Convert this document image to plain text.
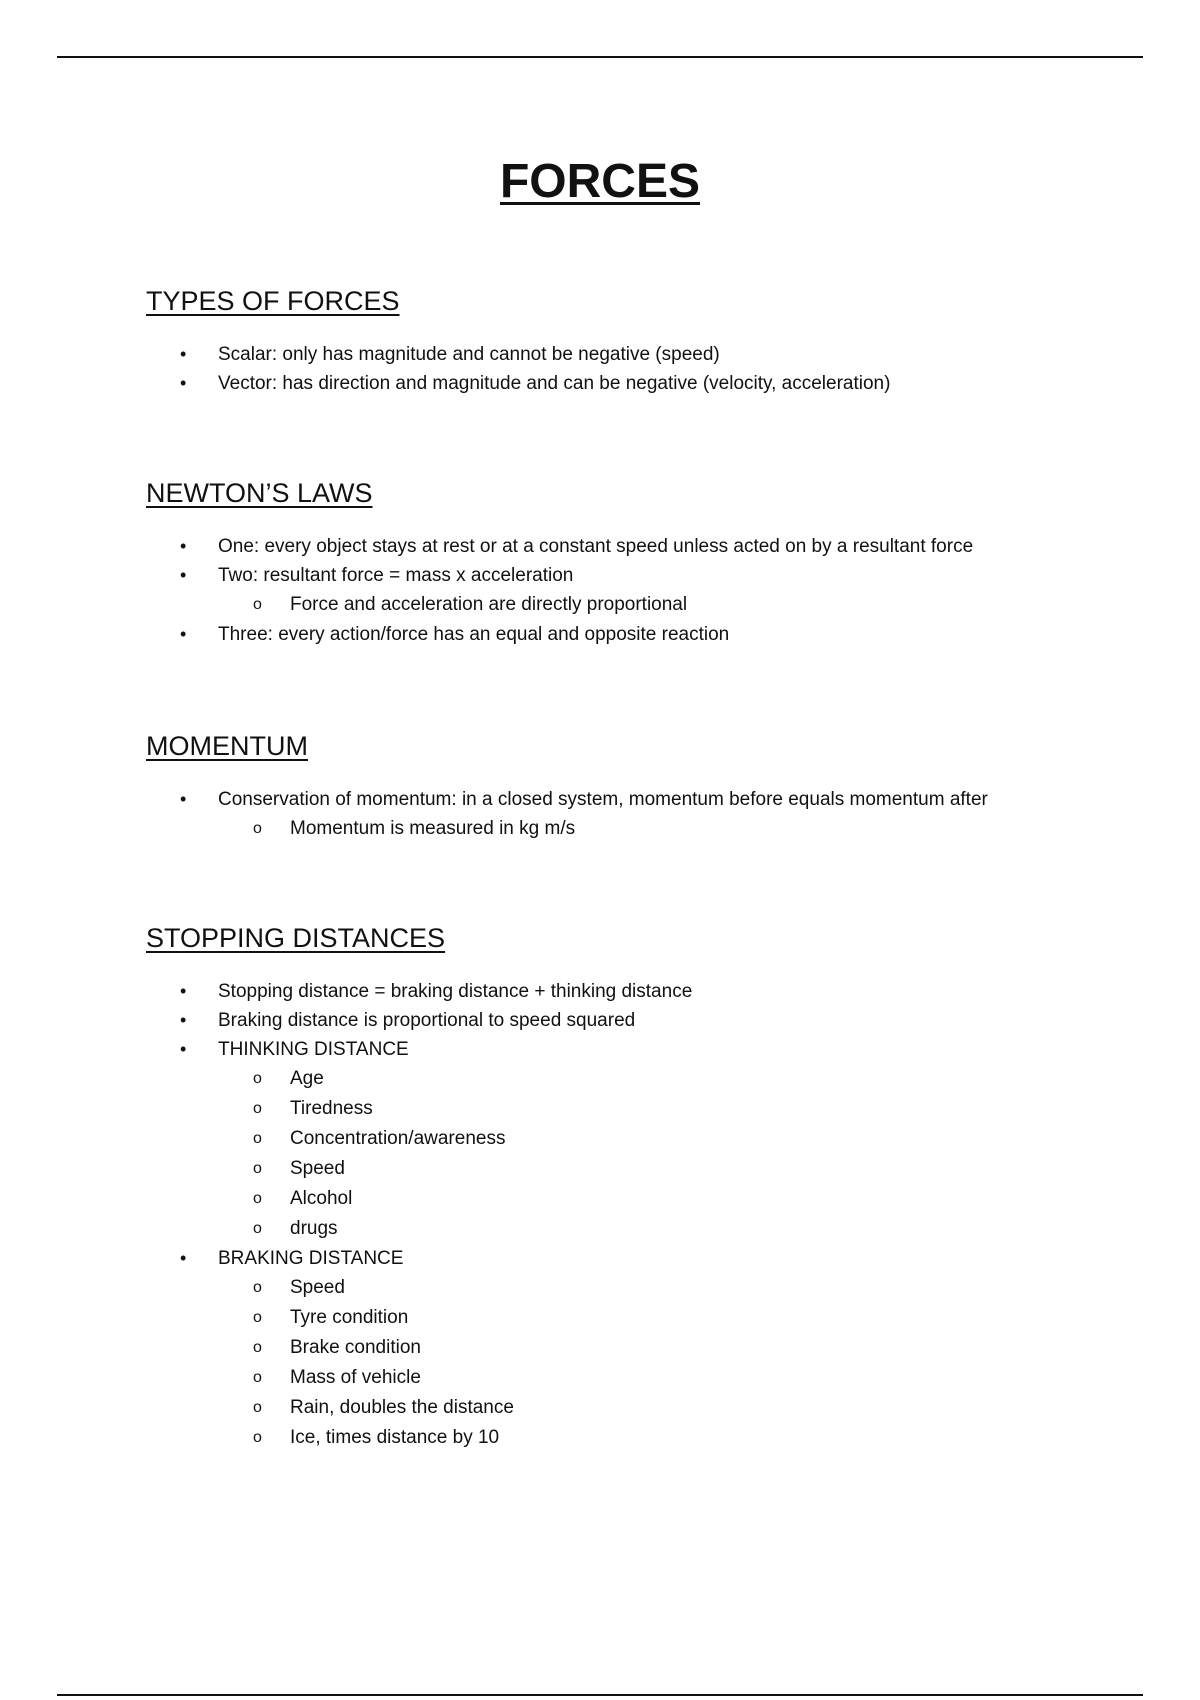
FORCES
TYPES OF FORCES
• Scalar: only has magnitude and cannot be negative (speed)
• Vector: has direction and magnitude and can be negative (velocity, acceleration)
NEWTON’S LAWS
• One: every object stays at rest or at a constant speed unless acted on by a resultant force
• Two: resultant force = mass x acceleration
o Force and acceleration are directly proportional
• Three: every action/force has an equal and opposite reaction
MOMENTUM
• Conservation of momentum: in a closed system, momentum before equals momentum after
o Momentum is measured in kg m/s
STOPPING DISTANCES
• Stopping distance = braking distance + thinking distance
• Braking distance is proportional to speed squared
• THINKING DISTANCE
o Age
o Tiredness
o Concentration/awareness
o Speed
o Alcohol
o drugs
• BRAKING DISTANCE
o Speed
o Tyre condition
o Brake condition
o Mass of vehicle
o Rain, doubles the distance
o Ice, times distance by 10
